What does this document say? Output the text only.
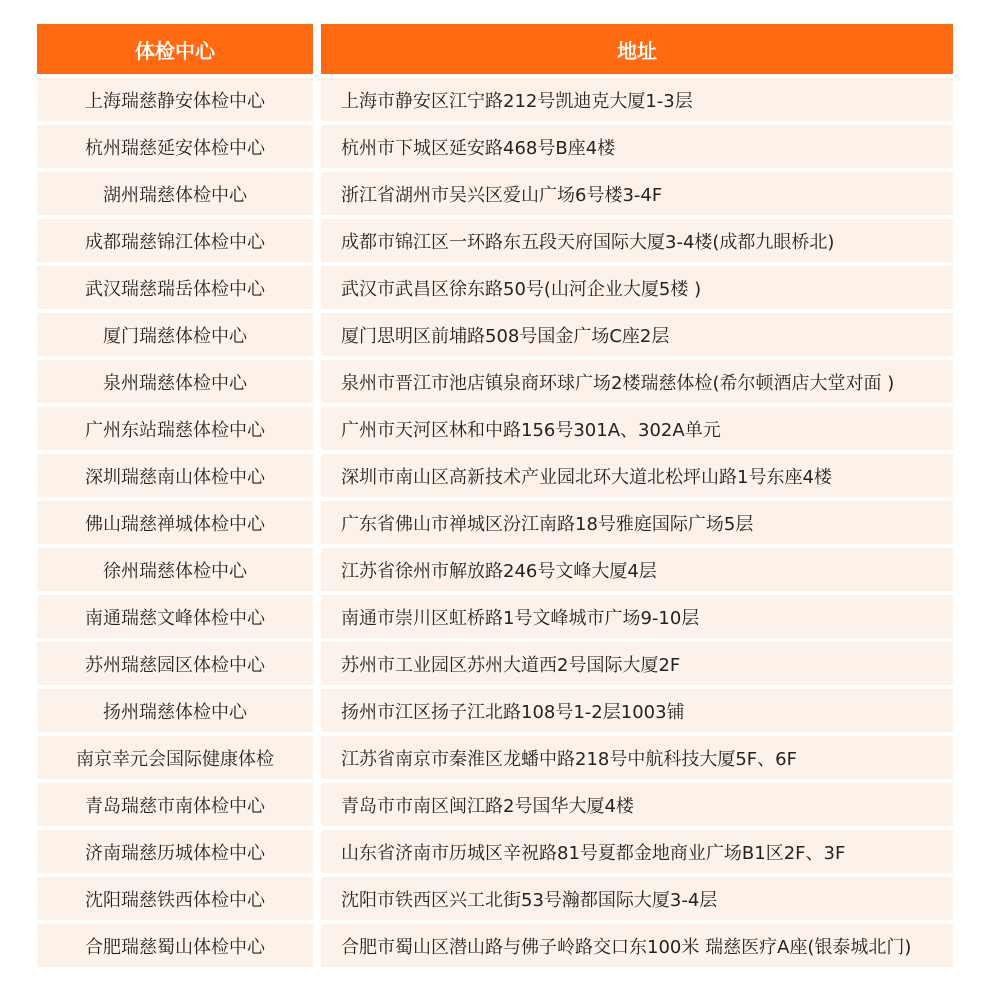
体检中心	地址
上海瑞慈静安体检中心	上海市静安区江宁路212号凯迪克大厦1-3层
杭州瑞慈延安体检中心	杭州市下城区延安路468号B座4楼
湖州瑞慈体检中心	浙江省湖州市吴兴区爱山广场6号楼3-4F
成都瑞慈锦江体检中心	成都市锦江区一环路东五段天府国际大厦3-4楼(成都九眼桥北)
武汉瑞慈瑞岳体检中心	武汉市武昌区徐东路50号(山河企业大厦5楼 )
厦门瑞慈体检中心	厦门思明区前埔路508号国金广场C座2层
泉州瑞慈体检中心	泉州市晋江市池店镇泉商环球广场2楼瑞慈体检(希尔顿酒店大堂对面 )
广州东站瑞慈体检中心	广州市天河区林和中路156号301A、302A单元
深圳瑞慈南山体检中心	深圳市南山区高新技术产业园北环大道北松坪山路1号东座4楼
佛山瑞慈禅城体检中心	广东省佛山市禅城区汾江南路18号雅庭国际广场5层
徐州瑞慈体检中心	江苏省徐州市解放路246号文峰大厦4层
南通瑞慈文峰体检中心	南通市崇川区虹桥路1号文峰城市广场9-10层
苏州瑞慈园区体检中心	苏州市工业园区苏州大道西2号国际大厦2F
扬州瑞慈体检中心	扬州市江区扬子江北路108号1-2层1003铺
南京幸元会国际健康体检	江苏省南京市秦淮区龙蟠中路218号中航科技大厦5F、6F
青岛瑞慈市南体检中心	青岛市市南区闽江路2号国华大厦4楼
济南瑞慈历城体检中心	山东省济南市历城区辛祝路81号夏都金地商业广场B1区2F、3F
沈阳瑞慈铁西体检中心	沈阳市铁西区兴工北街53号瀚都国际大厦3-4层
合肥瑞慈蜀山体检中心	合肥市蜀山区潜山路与佛子岭路交口东100米 瑞慈医疗A座(银泰城北门)
